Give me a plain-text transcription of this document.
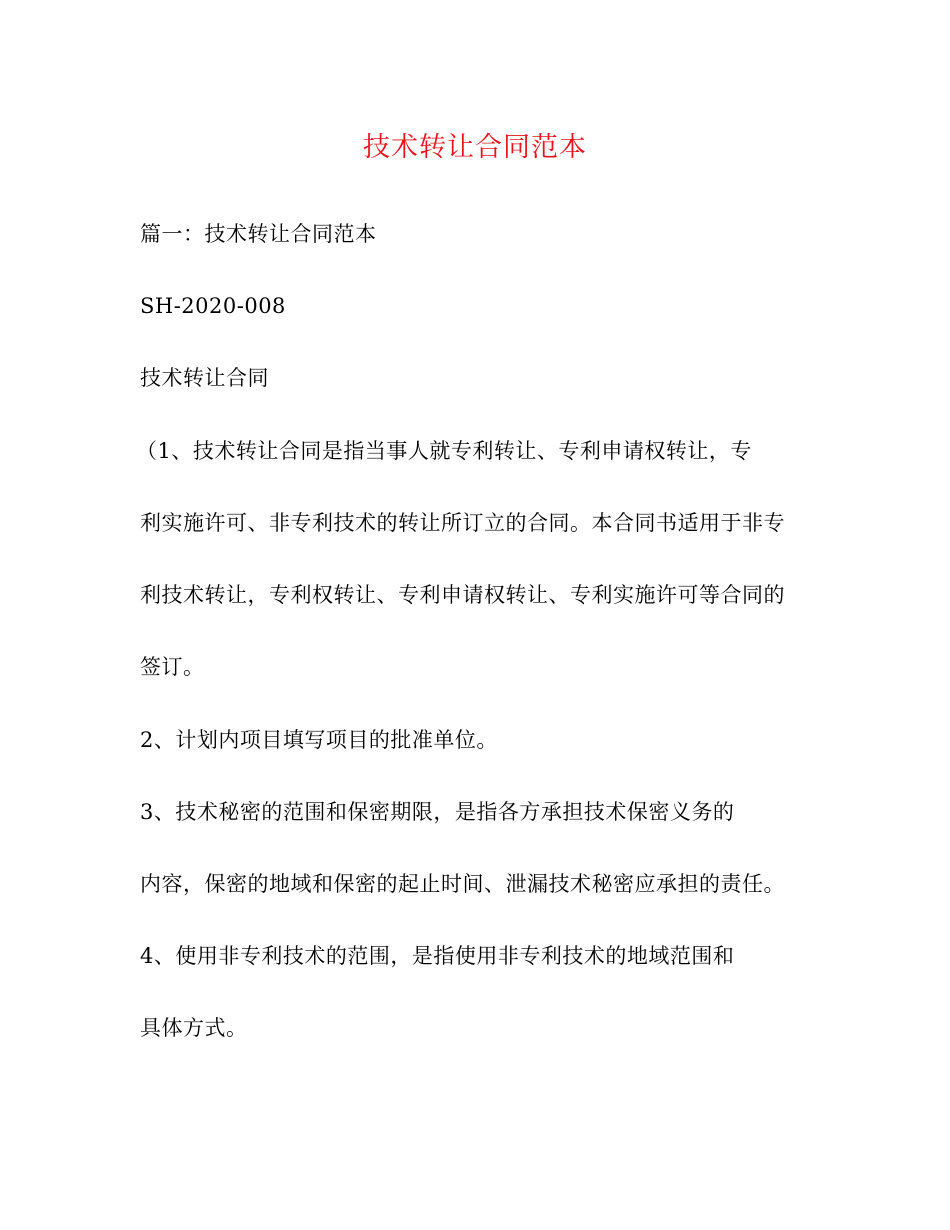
技术转让合同范本
篇一：技术转让合同范本
SH-2020-008
技术转让合同
（1、技术转让合同是指当事人就专利转让、专利申请权转让，专
利实施许可、非专利技术的转让所订立的合同。本合同书适用于非专
利技术转让，专利权转让、专利申请权转让、专利实施许可等合同的
签订。
2、计划内项目填写项目的批准单位。
3、技术秘密的范围和保密期限，是指各方承担技术保密义务的
内容，保密的地域和保密的起止时间、泄漏技术秘密应承担的责任。
4、使用非专利技术的范围，是指使用非专利技术的地域范围和
具体方式。
